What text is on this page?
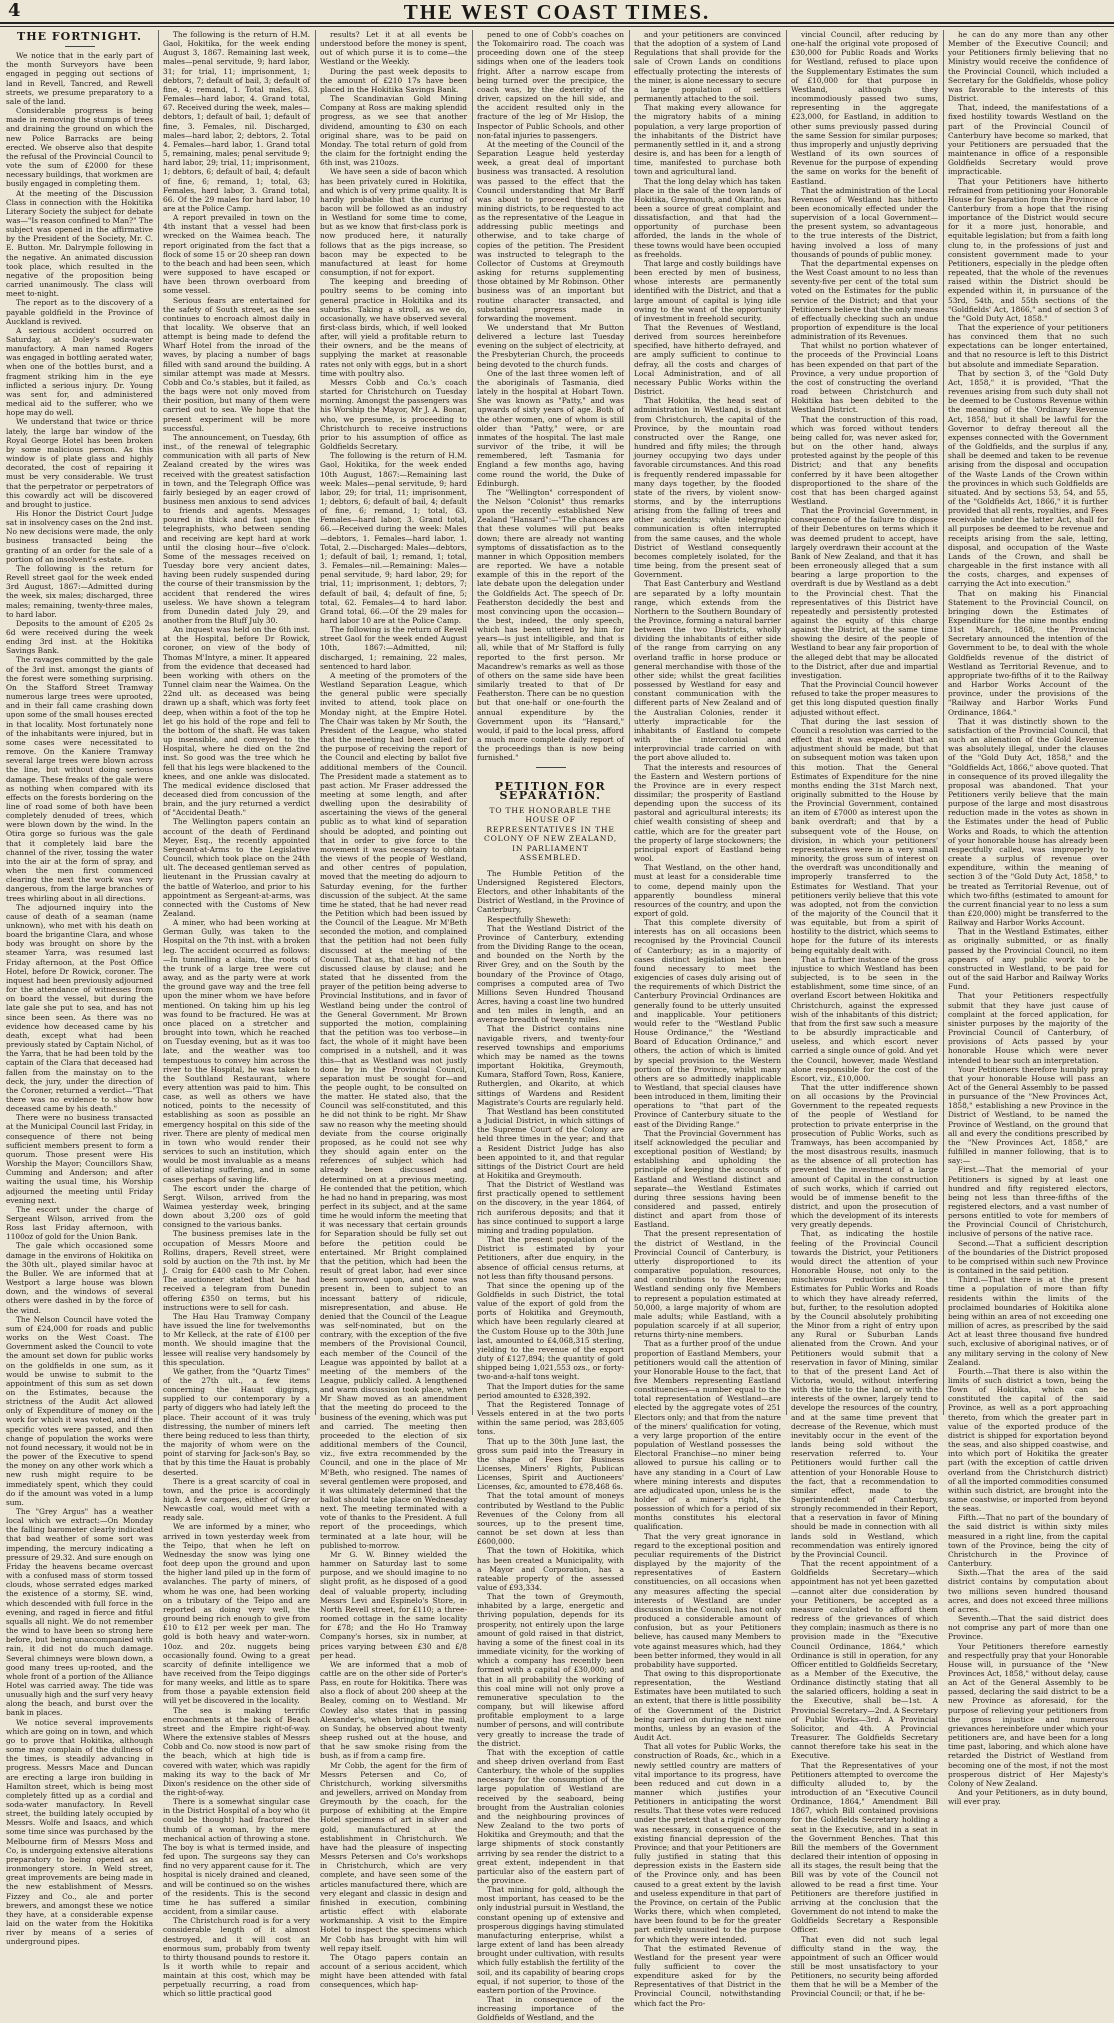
4	THE WEST COAST TIMES.
THE FORTNIGHT.

We notice that in the early part of the month Surveyors have been engaged in pegging out sections of land in Revell, Tancred, and Rewell streets, we presume preparatory to a sale of the land.

Considerable progress is being made in removing the stumps of trees and draining the ground on which the new Police Barracks are being erected. We observe also that despite the refusal of the Provincial Council to vote the sum of £2000 for these necessary buildings, that workmen are busily engaged in completing them.

At the meeting of the Discussion Class in connection with the Hokitika Literary Society the subject for debate was—"Is reason confined to Man?" The subject was opened in the affirmative by the President of the Society, Mr. C. E. Button. Mr. Dalrymple following in the negative. An animated discussion took place, which resulted in the negative of the proposition being carried unanimously. The class will meet to-night.

The report as to the discovery of a payable goldfield in the Province of Auckland is revived.

A serious accident occurred on Saturday, at Doley's soda-water manufactory. A man named Rogers was engaged in bottling aerated water, when one of the bottles burst, and a fragment striking him in the eye inflicted a serious injury. Dr. Young was sent for, and administered medical aid to the sufferer, who we hope may do well.

We understand that twice or thrice lately, the large bar window of the Royal George Hotel has been broken by some malicious person. As this window is of plate glass and highly decorated, the cost of repairing it must be very considerable. We trust that the perpetrator or perpetrators of this cowardly act will be discovered and brought to justice.

His Honor the District Court Judge sat in insolvency cases on the 2nd inst. No new decisions were made, the only business transacted being the granting of an order for the sale of a portion of an insolvent's estate.

The following is the return for Revell street gaol for the week ended 3rd August, 1867:—Admitted during the week, six males; discharged, three males; remaining, twenty-three males, to hard labor.

Deposits to the amount of £205 2s 6d were received during the week ending 3rd inst. at the Hokitika Savings Bank.

The ravages committed by the gale of the 3rd inst. amongst the giants of the forest were something surprising. On the Stafford Street Tramway numerous large trees were uprooted, and in their fall came crashing down upon some of the small houses erected in that locality. Most fortunately none of the inhabitants were injured, but in some cases were necessitated to remove. On the Kaniere Tramway several large trees were blown across the line, but without doing serious damage. These freaks of the gale were as nothing when compared with its effects on the forests bordering on the line of road some of both have been completely denuded of trees, which were blown down by the wind. In the Otira gorge so furious was the gale that it completely laid bare the channel of the river, tossing the water into the air at the form of spray, and when the men first commenced clearing the next the work was very dangerous, from the large branches of trees whirling about in all directions.

The adjourned inquiry into the cause of death of a seaman (name unknown), who met with his death on board the brigantine Clara, and whose body was brought on shore by the steamer Yarra, was resumed last Friday afternoon, at the Post Office Hotel, before Dr Rowick, coroner. The inquest had been previously adjourned for the attendance of witnesses from on board the vessel, but during the late gale she put to sea, and has not since been seen. As there was no evidence how deceased came by his death, except what had been previously stated by Captain Nichol, of the Yarra, that he had been told by the captain of the Clara that deceased had fallen from the mainstay on to the deck, the jury, under the direction of the Coroner, returned a verdict—"That there was no evidence to show how deceased came by his death."

There were no business transacted at the Municipal Council last Friday, in consequence of there not being sufficient members present to form a quorum. Those present were His Worship the Mayor; Councillors Shaw, Cumming and Anderson; and after waiting the usual time, his Worship adjourned the meeting until Friday evening next.

The escort under the charge of Sergeant Wilson, arrived from the Ross last Friday afternoon, with 1100oz of gold for the Union Bank.

The gale which occasioned some damage in the environs of Hokitika on the 30th ult., played similar havoc at the Buller. We are informed that at Westport a large house was blown down, and the windows of several others were dashed in by the force of the wind.

The Nelson Council have voted the sum of £24,000 for roads and public works on the West Coast. The Government asked the Council to vote the amount set down for public works on the goldfields in one sum, as it would be unwise to submit to the appointment of this sum as set down on the Estimates, because the strictness of the Audit Act allowed only of Expenditure of money on the work for which it was voted, and if the specific votes were passed, and then change of population the works were not found necessary, it would not be in the power of the Executive to spend the money on any other work which a new rush might require to be immediately spent, which they could do if the amount was voted in a lump sum.

The "Grey Argus" has a weather local which we extract:—On Monday the falling barometer clearly indicated that bad weather of some sort was impending, the mercury indicating a pressure of 29.32. And sure enough on Friday the heavens became overcast with a confused mass of storm tossed clouds, whose serrated edges marked the existence of a stormy, SE. wind, which descended with full force in the evening, and raged in fierce and fitful squalls all night. We do not remember the wind to have been so strong here before, but being unaccompanied with rain, it did not do much damage. Several chimneys were blown down, a good many trees up-rooted, and the whole front of a portion of the Alliance Hotel was carried away. The tide was unusually high and the surf very heavy along the beach, and burst over the bank in places.

We notice several improvements which are going on in town, and which go to prove that Hokitika, although some may complain of the dullness of the times, is steadily advancing in progress. Messrs Mace and Duncan are erecting a large iron building in Hamilton street, which is being most completely fitted up as a cordial and soda-water manufactory. In Revell street, the building lately occupied by Messrs. Wolfe and Isaacs, and which some time since was purchased by the Melbourne firm of Messrs Moss and Co, is undergoing extensive alterations preparatory to being opened as an ironmongery store. In Weld street, great improvements are being made in the new establishment of Messrs. Fizzey and Co., ale and porter brewers, and amongst these we notice they have, at a considerable expense laid on the water from the Hokitika river by means of a series of underground pipes.

The following is the return of H.M. Gaol, Hokitika, for the week ending August 3, 1867. Remaining last week, males—penal servitude, 9; hard labor, 31; for trial, 11; imprisonment, 1; debtors, 7; default of bail, 3; default of fine, 4; remand, 1. Total males, 63. Females—hard labor, 4. Grand total, 67. Received during the week, males—debtors, 1; default of bail, 1; default of fine, 3. Females, nil. Discharged, males—hard labor, 2; debtors, 2. Total 4. Females—hard labor, 1. Grand total 5, remaining, males; penal servitude 9; hard labor, 29; trial, 11; imprisonment, 1; debtors, 6; default of bail, 4; default of fine, 6; remand, 1; total, 63; Females, hard labor, 3. Grand total, 66. Of the 29 males for hard labor, 10 are at the Police Camp.

A report prevailed in town on the 4th instant that a vessel had been wrecked on the Waimea beach. The report originated from the fact that a flock of some 15 or 20 sheep ran down to the beach and had been seen, which were supposed to have escaped or have been thrown overboard from some vessel.

Serious fears are entertained for the safety of South street, as the sea continues to encroach almost daily in that locality. We observe that an attempt is being made to defend the Wharf Hotel from the inroad of the waves, by placing a number of bags filled with sand around the building. A similar attempt was made at Messrs. Cobb and Co.'s stables, but it failed, as the bags were not only moved from their position, but many of them were carried out to sea. We hope that the present experiment will be more successful.

The announcement, on Tuesday, 6th inst., of the renewal of telegraphic communication with all parts of New Zealand created by the wires was received with the greatest satisfaction in town, and the Telegraph Office was fairly besieged by an eager crowd of business men anxious to send advices to friends and agents. Messages poured in thick and fast upon the telegraphists, who between sending and receiving are kept hard at work until the closing hour—five o'clock. Some of the messages received on Tuesday bore very ancient dates, having been rudely suspended during the course of their transmission by the accident that rendered the wires useless. We have shown a telegram from Dunedin dated July 29, and another from the Bluff July 30.

An inquest was held on the 6th inst. at the Hospital, before Dr Rowick, coroner, on view of the body of Thomas M'Intyre, a miner. It appeared from the evidence that deceased had been working with others on the Tunnel claim near the Waimea. On the 22nd ult. as deceased was being drawn up a shaft, which was forty feet deep, when within a foot of the top he let go his hold of the rope and fell to the bottom of the shaft. He was taken up insensible, and conveyed to the Hospital, where he died on the 2nd inst. So good was the tree which he fell that his legs were blackened to the knees, and one ankle was dislocated. The medical evidence disclosed that deceased died from concussion of the brain, and the jury returned a verdict of "Accidental Death."

The Wellington papers contain an account of the death of Ferdinand Meyer, Esq., the recently appointed Sergeant-at-Arms to the Legislative Council, which took place on the 24th ult. The deceased gentleman served as lieutenant in the Prussian cavalry at the battle of Waterloo, and prior to his appointment as Sergeant-at-arms, was connected with the Customs of New Zealand.

A miner, who had been working at German Gully, was taken to the Hospital on the 7th inst. with a broken leg. The accident occurred as follows:—In tunnelling a claim, the roots of the trunk of a large tree were cut away, and as the party were at work the ground gave way and the tree fell upon the miner whom we have before mentioned. On taking him up his leg was found to be fractured. He was at once placed on a stretcher and brought into town, which he reached on Tuesday evening, but as it was too late, and the weather was too tempestuous to convey him across the river to the Hospital, he was taken to the Southland Restaurant, where every attention was paid to him. This case, as well as others we have noticed, points to the necessity of establishing as soon as possible an emergency hospital on this side of the river. There are plenty of medical men in town who would render their services to such an institution, which would be most invaluable as a means of alleviating suffering, and in some cases perhaps of saving life.

The escort under the charge of Sergt. Wilson, arrived from the Waimea yesterday week, bringing down about 3,200 ozs of gold consigned to the various banks.

The business premises late in the occupation of Messrs Moore and Rollins, drapers, Revell street, were sold by auction on the 7th inst. by Mr J. Craig for £400 cash to Mr Cohen. The auctioneer stated that he had received a telegram from Dunedin offering £350 on terms, but his instructions were to sell for cash.

The Hau Hau Tramway Company have issued the line for twelvemonths to Mr Kelleck, at the rate of £100 per month. We should imagine that the lessee will realise very handsomely by this speculation.

We gather, from the "Quartz Times" of the 27th ult., a few items concerning the Hauat diggings, supplied to our contemporary by a party of diggers who had lately left the place. Their account of it was truly distressing, the number of miners left there being reduced to less than thirty, the majority of whom were on the point of starving for Jack-son's Bay, so that by this time the Hauat is probably deserted.

There is a great scarcity of coal in town, and the price is accordingly high. A few cargoes, either of Grey or Newcastle coal, would meet with a ready sale.

We are informed by a miner, who arrived in town yesterday week from the Teipo, that when he left on Wednesday the snow was lying one foot deep upon the ground and upon the higher land piled up in the form of avalanches. The party of miners, of whom he was one, had been working on a tributary of the Teipo and are reported as doing very well, the ground being rich enough to give from £10 to £12 per week per man. The gold is both heavy and water-worn. 10oz. and 20z. nuggets being occasionally found. Owing to a great scarcity of definite intelligence we have received from the Teipo diggings for many weeks, and little as to spare from those a payable extension field will yet be discovered in the locality.

The sea is making terrific encroachments at the back of Beach street and the Empire right-of-way. Where the extensive stables of Messrs Cobb and Co. now stood is now part of the beach, which at high tide is covered with water, which was rapidly making its way to the back of Mr Dixon's residence on the other side of the right-of-way.

There is a somewhat singular case in the District Hospital of a boy who (it could be thought) had fractured the thumb of a woman, by the mere mechanical action of throwing a stone. The boy is what is termed inside, and fed upon. The surgeons say they can find no very apparent cause for it. The hospital is nicely drained and cleaned, and will be continued so on the wishes of the residents. This is the second time he has suffered a similar accident, from a similar cause.

The Christchurch road is for a very considerable length of it almost destroyed, and it will cost an enormous sum, probably from twenty to thirty thousand pounds to restore it. Is it worth while to repair and maintain at this cost, which may be perpetually recurring, a road from which so little practical good

results? Let it at all events be understood before the money is spent, out of which purse it is to come—the Westland or the Weekly.

During the past week deposits to the amount of £210 17s have been placed in the Hokitika Savings Bank.

The Scandinavian Gold Mining Company at Ross are making splendid progress, as we see that another dividend, amounting to £30 on each original share, was to be paid on Monday. The total return of gold from the claim for the fortnight ending the 6th inst, was 210ozs.

We have seen a side of bacon which has been privately cured in Hokitika, and which is of very prime quality. It is hardly probable that the curing of bacon will be followed as an industry in Westland for some time to come, but as we know that first-class pork is now produced here, it naturally follows that as the pigs increase, so bacon may be expected to be manufactured at least for home consumption, if not for export.

The keeping and breeding of poultry seems to be coming into general practice in Hokitika and its suburbs. Taking a stroll, as we do, occasionally, we have observed several first-class birds, which, if well looked after, will yield a profitable return to their owners, and be the means of supplying the market at reasonable rates not only with eggs, but in a short time with poultry also.

Messrs Cobb and Co.'s coach started for Christchurch on Tuesday morning. Amongst the passengers was his Worship the Mayor, Mr J. A. Bonar, who, we presume, is proceeding to Christchurch to receive instructions prior to his assumption of office as Goldfields Secretary.

The following is the return of H.M. Gaol, Hokitika, for the week ended 10th August, 1867:—Remaining last week: Males—penal servitude, 9; hard labor, 29; for trial, 11; imprisonment, 1; debtors, 6; default of bail, 4; default of fine, 6; remand, 1; total, 63. Females—hard labor, 3. Grand total, 66.—Received during the week: Males—debtors, 1. Females—hard labor, 1. Total, 2.—Discharged: Males—debtors, 1; default of bail, 1; remand, 1; total, 3. Females—nil.—Remaining: Males—penal servitude, 9; hard labor, 29; for trial, 11; imprisonment, 1; debtors, 7; default of bail, 4; default of fine, 5; total, 62. Females—4 to hard labor. Grand total, 66.—Of the 29 males for hard labor 10 are at the Police Camp.

The following is the return of Revell street Gaol for the week ended August 10th, 1867:—Admitted, nil; discharged, 1; remaining, 22 males, sentenced to hard labor.

A meeting of the promoters of the Westland Separation League, which the general public were specially invited to attend, took place on Monday night, at the Empire Hotel. The Chair was taken by Mr South, the President of the League, who stated that the meeting had been called for the purpose of receiving the report of the Council and electing by ballot five additional members of the Council. The President made a statement as to past action. Mr Fraser addressed the meeting at some length, and after dwelling upon the desirability of ascertaining the views of the general public as to what kind of separation should be adopted, and pointing out that in order to give force to the movement it was necessary to obtain the views of the people of Westland, and other centres of population, moved that the meeting do adjourn to Saturday evening, for the further discussion of the subject. At the same time he stated, that he had never read the Petition which had been issued by the Council of the League. Mr M'Beth seconded the motion, and complained that the petition had not been fully discussed at the meeting of the Council. That as, that it had not been discussed clause by clause; and he stated that he dissented from the prayer of the petition being adverse to Provincial Institutions, and in favor of Westland being under the control of the General Government. Mr Brown supported the motion, complaining that the petition was too verbose—in fact, the whole of it might have been comprised in a nutshell, and it was this—that as Westland was not justly done by in the Provincial Council, separation must be sought for—and the people ought, to be consulted on the matter. He stated also, that the Council was self-constituted, and this he did not think to be right. Mr Shaw saw no reason why the meeting should deviate from the course originally proposed, as he could not see why they should again enter on the references of subject which had already been discussed and determined on at a previous meeting. He contended that the petition, which he had no hand in preparing, was most perfect in its subject, and at the same time he would inform the meeting that it was necessary that certain grounds for Separation should be fully set out before the petition could be entertained. Mr Bright complained that the petition, which had been the result of great labor, had ever since been sorrowed upon, and none was present in, been to subject to an incessant battery of ridicule, misrepresentation, and abuse. He denied that the Council of the League was self-nominated, but on the contrary, with the exception of the five members of the Provisional Council, each member of the Council of the League was appointed by ballot at a meeting of the members of the League, publicly called. A lengthened and warm discussion took place, when Mr Shaw moved as an amendment that the meeting do proceed to the business of the evening, which was put and carried. The meeting then proceeded to the election of six additional members of the Council, viz., five extra recommended by the Council, and one in the place of Mr M'Beth, who resigned. The names of several gentlemen were proposed, and it was ultimately determined that the ballot should take place on Wednesday next. The meeting terminated with a vote of thanks to the President. A full report of the proceedings, which terminated at a late hour, will be published to-morrow.

Mr G. W. Binney wielded the hammer on Saturday last to some purpose, and we should imagine to no slight profit, as he disposed of a good deal of valuable property, including Messrs Levi and Espinelo's Store, in North Revell street, for £110; a three-roomed cottage in the same locality for £78; and the Ho Ho Tramway Company's horses, six in number, at prices varying between £30 and £/8 per head.

We are informed that a mob of cattle are on the other side of Porter's Pass, en route for Hokitika. There was also a flock of about 200 sheep at the Bealey, coming on to Westland. Mr Cowley also states that in passing Alexander's, when bringing the mail, on Sunday, he observed about twenty sheep rushed out at the house, and that he saw smoke rising from the bush, as if from a camp fire.

Mr Cobb, the agent for the firm of Messrs Petersen and Co, of Christchurch, working silversmiths and jewellers, arrived on Monday from Greymouth by the coach, for the purpose of exhibiting at the Empire Hotel specimens of art in silver and gold, manufactured at the establishment in Christchurch. We have had the pleasure of inspecting Messrs Petersen and Co's workshops in Christchurch, which are very complete, and have seen some of the articles manufactured there, which are very elegant and classic in design and finished in execution, combining artistic effect with elaborate workmanship. A visit to the Empire Hotel to inspect the specimens which Mr Cobb has brought with him will well repay itself.

The Otago papers contain an account of a serious accident, which might have been attended with fatal consequences, which hap-

pened to one of Cobb's coaches on the Tokomairiro road. The coach was proceeding down one of the steep sidings when one of the leaders took fright. After a narrow escape from being turned over the precipice, the coach was, by the dexterity of the driver, capsized on the hill side, and the accident resulted only in the fracture of the leg of Mr Hislop, the Inspector of Public Schools, and other non-fatal injuries to passengers.

At the meeting of the Council of the Separation League held yesterday week, a great deal of important business was transacted. A resolution was passed to the effect that the Council understanding that Mr Barff was about to proceed through the mining districts, to be requested to act as the representative of the League in addressing public meetings and otherwise, and to take charge of copies of the petition. The President was instructed to telegraph to the Collector of Customs at Greymouth asking for returns supplementing those obtained by Mr Robinson. Other business was of an important but routine character transacted, and substantial progress made in forwarding the movement.

We understand that Mr Button delivered a lecture last Tuesday evening on the subject of electricity, at the Presbyterian Church, the proceeds being devoted to the church funds.

One of the last three women left of the aboriginals of Tasmania, died lately in the hospital at Hobart Town. She was known as "Patty," and was upwards of sixty years of age. Both of the other women, one of whom is still older than "Patty," were, or are inmates of the hospital. The last male survivor of the tribe, it will be remembered, left Tasmania for England a few months ago, having come round the world, the Duke of Edinburgh.

The "Wellington" correspondent of the Nelson "Colonist" thus remarks upon the recently established New Zealand "Hansard":—"The chances are that these volumes will put beaks down; there are already not wanting symptoms of dissatisfaction as to the manner in which Opposition members are reported. We have a notable example of this in the report of the late debate upon the delegation under the Goldfields Act. The speech of Dr. Featherston decidedly the best and most convincing upon the occasion—the best, indeed, the only speech, which has been uttered by him for years—is just intelligible, and that is all, while that of Mr Stafford is fully reported to the first person. Mr Macandrew's remarks as well as those of others on the same side have been similarly treated to that of Dr Featherston. There can be no question but that one-half or one-fourth the annual expenditure by the Government upon its "Hansard," would, if paid to the local press, afford a much more complete daily report of the proceedings than is now being furnished."

PETITION FOR SEPARATION.
TO THE HONORABLE THE HOUSE OF REPRESENTATIVES IN THE COLONY OF NEW ZEALAND, IN PARLIAMENT ASSEMBLED.

The Humble Petition of the Undersigned Registered Electors, Electors, and other Inhabitants of the District of Westland, in the Province of Canterbury,

Respectfully Sheweth:

That the Westland District of the Province of Canterbury, extending from the Dividing Range to the ocean, and bounded on the North by the River Grey, and on the South by the boundary of the Province of Otago, comprises a computed area of Two Millions Seven Hundred Thousand Acres, having a coast line two hundred and ten miles in length, and an average breadth of twenty miles.

That the District contains nine navigable rivers, and twenty-four reserved townships and emporiums which may be named as the towns important Hokitika, Greymouth, Kumara, Stafford Town, Ross, Kaniere, Rutherglen, and Okarito, at which sittings of Wardens and Resident Magistrate's Courts are regularly held.

That Westland has been constituted a Judicial District, in which sittings of the Supreme Court of the Colony are held three times in the year; and that a Resident District Judge has also been appointed to it, and that regular sittings of the District Court are held at Hokitika and Greymouth.

That the District of Westland was first practically opened to settlement on the discovery, in the year 1864, of rich auriferous deposits; and that it has since continued to support a large mining and trading population.

That the present population of the District is estimated by your Petitioners, after due enquiry, in the absence of official census returns, at not less than fifty thousand persons.

That since the opening up of the Goldfields in such District, the total value of the export of gold from the ports of Hokitika and Greymouth, which have been regularly cleared at the Custom House up to the 30th June last, amounted to £4,068,315 sterling, yielding to the revenue of the export duty of £127,894; the quantity of gold shipped being 1,021,553 ozs., or forty-two-and-a-half tons weight.

That the Import duties for the same period amounted to £328,392.

That the Registered Tonnage of Vessels entered in at the two ports within the same period, was 283,605 tons.

That up to the 30th June last, the gross sum paid into the Treasury in the shape of Fees for Business Licenses, Miners' Rights, Publican Licenses, Spirit and Auctioneers' Licenses, &c, amounted to £78,468 6s.

That the total amount of moneys contributed by Westland to the Public Revenues of the Colony from all sources, up to the present time, cannot be set down at less than £600,000.

That the town of Hokitika, which has been created a Municipality, with a Mayor and Corporation, has a rateable property of the assessed value of £93,334.

That the town of Greymouth, inhabited by a large, energetic and thriving population, depends for its prosperity, not entirely upon the large amount of gold raised in that district, having a some of the finest coal in its immediate vicinity, for the working of which a company has recently been formed with a capital of £30,000; and that in all probability the working of this coal mine will not only prove a remunerative speculation to the company, but will likewise afford profitable employment to a large number of persons, and will contribute very greatly to increase the trade of the district.

That with the exception of cattle and sheep driven overland from East Canterbury, the whole of the supplies necessary for the consumption of the large population of Westland are received by the seaboard, being brought from the Australian colonies and the neighbouring provinces of New Zealand to the two ports of Hokitika and Greymouth; and that the large shipments of stock constantly arriving by sea render the district to a great extent, independent in that particular also of the eastern part of the province.

That mining for gold, although the most important, has ceased to be the only industrial pursuit in Westland, the constant opening up of extensive and prosperous diggings having stimulated manufacturing enterprise, whilst a large extent of land has been already brought under cultivation, with results which fully establish the fertility of the soil, and its capability of bearing crops equal, if not superior, to those of the eastern portion of the Province.

That in consequence of the increasing importance of the Goldfields of Westland, and the

and your petitioners are convinced that the adoption of a system of Land Regulations that shall provide for the sale of Crown Lands on conditions effectually protecting the interests of the miner, is alone necessary to secure a large population of settlers permanently attached to the soil.

That making every allowance for the migratory habits of a mining population, a very large proportion of the inhabitants of the District have permanently settled in it, and a strong desire is, and has been for a length of time, manifested to purchase both town and agricultural land.

That the long delay which has taken place in the sale of the town lands of Hokitika, Greymouth, and Okarito, has been a source of great complaint and dissatisfaction, and that had the opportunity of purchase been afforded, the lands in the whole of these towns would have been occupied as freeholds.

That large and costly buildings have been erected by men of business, whose interests are permanently identified with the District, and that a large amount of capital is lying idle owing to the want of the opportunity of investment in freehold security.

That the Revenues of Westland, derived from sources hereinbefore specified, have hitherto defrayed, and are amply sufficient to continue to defray, all the costs and charges of Local Administration, and of all necessary Public Works within the District.

That Hokitika, the head seat of administration in Westland, is distant from Christchurch, the capital of the Province, by the mountain road constructed over the Range, one hundred and fifty miles; the through journey occupying two days under favorable circumstances. And this road is frequently rendered impassable for many days together, by the flooded state of the rivers, by violent snow-storms, and by the interruptions arising from the falling of trees and other accidents; while telegraphic communication is often interrupted from the same causes, and the whole District of Westland consequently becomes completely isolated, for the time being, from the present seat of Government.

That East Canterbury and Westland are separated by a lofty mountain range, which extends from the Northern to the Southern Boundary of the Province, forming a natural barrier between the two Districts, wholly dividing the inhabitants of either side of the range from carrying on any overland traffic in horse produce or general merchandise with those of the other side; whilst the great facilities possessed by Westland for easy and constant communication with the different parts of New Zealand and of the Australian Colonies, render it utterly impracticable for the inhabitants of Eastland to compete with the intercolonial and interprovincial trade carried on with the port above alluded to.

That the interests and resources of the Eastern and Western portions of the Province are in every respect dissimilar; the prosperity of Eastland depending upon the success of its pastoral and agricultural interests; its chief wealth consisting of sheep and cattle, which are for the greater part the property of large stockowners; the principal export of Eastland being wool.

That Westland, on the other hand, must at least for a considerable time to come, depend mainly upon the apparently boundless mineral resources of the country, and upon the export of gold.

That this complete diversity of interests has on all occasions been recognised by the Provincial Council of Canterbury; as in a majority of cases distinct legislation has been found necessary to meet the exigencies of cases duly arising out of the requirements of which District the Canterbury Provincial Ordinances are generally found to be utterly unsuited and inapplicable. Your petitioners would refer to the "Westland Public House Ordinance," the "Westland Board of Education Ordinance," and others, the action of which is limited by special provision to the Western portion of the Province, whilst many others are so admittedly inapplicable to Westland, that special clauses have been introduced in them, limiting their operations to "that part of the Province of Canterbury situate to the east of the Dividing Range."

That the Provincial Government has itself acknowledged the peculiar and exceptional position of Westland; by establishing and upholding the principle of keeping the accounts of Eastland and Westland distinct and separate—the Westland Estimates during three sessions having been considered and passed, entirely distinct and apart from those of Eastland.

That the present representation of the district of Westland, in the Provincial Council of Canterbury, is utterly disproportioned to its comparative population, resources, and contributions to the Revenue; Westland sending only five Members to represent a population estimated at 50,000, a large majority of whom are male adults; while Eastland, with a population scarcely if at all superior, returns thirty-nine members.

That as a further proof of the undue proportion of Eastland Members, your petitioners would call the attention of your Honorable House to the fact, that five Members representing Eastland constituencies—a number equal to the total representation of Westland—are elected by the aggregate votes of 251 Electors only; and that from the nature of the miners' qualification for voting, a very large proportion of the entire population of Westland possesses the Electoral Franchise—no miner being allowed to pursue his calling or to have any standing in a Court of Law where mining interests and disputes are adjudicated upon, unless he is the holder of a miner's right, the possession of which for a period of six months constitutes his electoral qualification.

That the very great ignorance in regard to the exceptional position and peculiar requirements of the District displayed by the majority of the representatives of Eastern constituencies, on all occasions when any measures affecting the special interests of Westland are under discussion in the Council, has not only produced a considerable amount of confusion, but as your Petitioners believe, has caused many Members to vote against measures which, had they been better informed, they would in all probability have supported.

That owing to this disproportionate representation, the Westland Estimates have been mutilated to such an extent, that there is little possibility of the Government of the District being carried on during the next nine months, unless by an evasion of the Audit Act.

That all votes for Public Works, the construction of Roads, &c., which in a newly settled country are matters of vital importance to its progress, have been reduced and cut down in a manner which justifies your Petitioners in anticipating the worst results. That these votes were reduced under the pretext that a rigid economy was necessary, in consequence of the existing financial depression of the Province; and that your Petitioners are fully justified in stating that this depression exists in the Eastern side of the Province only, and has been caused to a great extent by the lavish and useless expenditure in that part of the Province, on certain of the Public Works there, which when completed, have been found to be for the greater part entirely unsuited to the purpose for which they were intended.

That the estimated Revenue of Westland for the present year were fully sufficient to cover the expenditure asked for by the Representatives of that District in the Provincial Council, notwithstanding which fact the Pro-

vincial Council, after reducing by one-half the original vote proposed of £30,000 for Public Roads and Works for Westland, refused to place upon the Supplementary Estimates the sum of £10,000 for that purpose in Westland, although they incommodiously passed two sums, representing in the aggregate £23,000, for Eastland, in addition to other sums previously passed during the same Session for similar purposes; thus improperly and unjustly depriving Westland of its own sources of Revenue for the purpose of expending the same on works for the benefit of Eastland.

That the administration of the Local Revenues of Westland has hitherto been economically effected under the supervision of a local Government—the present system, so advantageous to the true interests of the District, having involved a loss of many thousands of pounds of public money.

That the departmental expenses on the West Coast amount to no less than seventy-five per cent of the total sum voted on the Estimates for the public service of the District; and that your Petitioners believe that the only means of effectually checking such an undue proportion of expenditure is the local administration of its Revenues.

That whilst no portion whatever of the proceeds of the Provincial Loans has been expended on that part of the Province, a very undue proportion of the cost of constructing the overland road between Christchurch and Hokitika has been debited to the Westland District.

That the construction of this road, which was forced without tenders being called for, was never asked for, but on the other hand, always protested against by the people of this District; and that any benefits conferred by it have been altogether disproportioned to the share of the cost that has been charged against Westland.

That the Provincial Government, in consequence of the failure to dispose of their Debentures on terms which it was deemed prudent to accept, have largely overdrawn their account at the Bank of New Zealand, and that it has been erroneously alleged that a sum bearing a large proportion to the overdraft is due by Westland as a debt to the Provincial chest. That the representatives of this District have repeatedly and persistently protested against the equity of this charge against the District, at the same time showing the desire of the people of Westland to bear any fair proportion of the alleged debt that may be allocated to the District, after due and impartial investigation.

That the Provincial Council however refused to take the proper measures to get this long disputed question finally adjusted without effect.

That during the last session of Council a resolution was carried to the effect that it was expedient that an adjustment should be made, but that on subsequent motion was taken upon this motion. That the General Estimates of Expenditure for the nine months ending the 31st March next, originally submitted to the House by the Provincial Government, contained an item of £7000 as interest upon the bank overdraft; and that by a subsequent vote of the House, on division, in which your petitioners' representatives were in a very small minority, the gross sum of interest on the overdraft was unconditionally and improperly transferred to the Estimates for Westland. That your petitioners verily believe that this vote was adopted, not from the conviction of the majority of the Council that it was equitable, but from a spirit of hostility to the district, which seems to hope for the future of its interests being equitably dealt with.

That a further instance of the gross injustice to which Westland has been subjected, is to be seen in the establishment, some time since, of an overland Escort between Hokitika and Christchurch, against the expressed wish of the inhabitants of this district; that from the first saw such a measure to be absurdly impracticable and useless, and which escort never carried a single ounce of gold. And yet the Council, however, made Westland alone responsible for the cost of the Escort, viz., £10,000.

That the utter indifference shown on all occasions by the Provincial Government to the repeated requests of the people of Westland for protection to private enterprise in the prosecution of Public Works, such as Tramways, has been accompanied by the most disastrous results, inasmuch as the absence of all protection has prevented the investment of a large amount of Capital in the construction of such works, which if carried out would be of immense benefit to the district, and upon the prosecution of which the development of its interests very greatly depends.

That, as indicating the hostile feeling of the Provincial Council towards the District, your Petitioners would direct the attention of your Honorable House, not only to the mischievous reduction in the Estimates for Public Works and Roads to which they have already referred, but, further, to the resolution adopted by the Council absolutely prohibiting the Minor from a right of entry upon any Rural or Suburban Lands alienated from the Crown. And your Petitioners would submit that a reservation in favor of Mining, similar to that of the present Land Act of Victoria, would, without interfering with the title to the land, or with the interests of the owner, largely tend to develope the resources of the country, and at the same time prevent that decrease of the Revenue, which must inevitably occur in the event of the lands being sold without the reservation referred to. Your Petitioners would further call the attention of your Honorable House to the fact, that a recommendation to similar effect, made to the Superintendent of Canterbury, strongly recommended in their Report, that a reservation in favor of Mining should be made in connection with all lands sold in Westland, which recommendation was entirely ignored by the Provincial Council.

That the recent appointment of a Goldfields Secretary—which appointment has not yet been gazetted—cannot alter due consideration by your Petitioners, be accepted as a measure calculated to afford them redress of the grievances of which they complain; inasmuch as there is no provision made in the "Executive Council Ordinance, 1864," which Ordinance is still in operation, for any Officer entitled to Goldfields Secretary, as a Member of the Executive, the Ordinance distinctly stating that all the salaried officers, holding a seat in the Executive, shall be—1st. A Provincial Secretary—2nd. A Secretary of Public Works—3rd. A Provincial Solicitor, and 4th. A Provincial Treasurer. The Goldfields Secretary cannot therefore take his seat in the Executive.

That the Representatives of your Petitioners attempted to overcome the difficulty alluded to, by the introduction of an "Executive Council Ordinance, 1864," Amendment Bill 1867, which Bill contained provisions for the Goldfields Secretary holding a seat in the Executive, and in a seat in the Government Benches. That this Bill the members of the Government declared their intention of opposing in all its stages, the result being that the Bill was by vote of the Council not allowed to be read a first time. Your Petitioners are therefore justified in arriving at the conclusion that the Government do not intend to make the Goldfields Secretary a Responsible Officer.

That even did not such legal difficulty stand in the way, the appointment of such an Officer would still be most unsatisfactory to your Petitioners, no security being afforded them that he will be a Member of the Provincial Council; or that, if he be-

he can do any more than any other Member of the Executive Council; and your Petitioners firmly believing that no Ministry would receive the confidence of the Provincial Council, which included a Secretary for the Goldfields, whose policy was favorable to the interests of this District.

That, indeed, the manifestations of a fixed hostility towards Westland on the part of the Provincial Council of Canterbury have become so marked, that your Petitioners are persuaded that the maintenance in office of a responsible Goldfields Secretary would prove impracticable.

That your Petitioners have hitherto refrained from petitioning your Honorable House for Separation from the Province of Canterbury from a hope that the rising importance of the District would secure for it a more just, honorable, and equitable legislation; but from a faith long clung to, in the professions of just and consistent government made to your Petitioners, especially in the pledge often repeated, that the whole of the revenues raised within the District should be expended within it, in pursuance of the 53rd, 54th, and 55th sections of the "Goldfields' Act, 1866," and of section 3 of the "Gold Duty Act, 1858."

That the experience of your petitioners has convinced them that no such expectations can be longer entertained, and that no resource is left to this District but absolute and immediate Separation.

That by section 3, of the "Gold Duty Act, 1858," it is provided, "That the revenues arising from such duty shall not be deemed to be Customs Revenue within the meaning of the 'Ordinary Revenue Act, 1858,' but it shall be lawful for the Governor to defray thereout all the expenses connected with the Government of the Goldfields, and the surplus if any, shall be deemed and taken to be revenue arising from the disposal and occupation of the Waste Lands of the Crown within the provinces in which such Goldfields are situated. And by sections 53, 54, and 55, of the "Goldfields Act, 1866," it is further provided that all rents, royalties, and Fees receivable under the latter Act, shall for all purposes be deemed to be revenue and receipts arising from the sale, letting, disposal, and occupation of the Waste Lands of the Crown, and shall be chargeable in the first instance with all the costs, charges, and expenses of carrying the Act into execution."

That on making his Financial Statement to the Provincial Council, on bringing down the Estimates of Expenditure for the nine months ending 31st March, 1868, the Provincial Secretary announced the intention of the Government to be, to deal with the whole Goldfields revenue of the district of Westland as Territorial Revenue, and to appropriate two-fifths of it to the Railway and Harbor Works Account of the province, under the provisions of the "Railway and Harbor Works Fund Ordinance, 1864."

That it was distinctly shown to the satisfaction of the Provincial Council, that such an alienation of the Gold Revenue was absolutely illegal, under the clauses of the "Gold Duty Act, 1858," and the "Goldfields Act, 1866," above quoted. That in consequence of its proved illegality the proposal was abandoned. That your Petitioners verily believe that the main purpose of the large and most disastrous reduction made in the votes as shown in the Estimates under the head of Public Works and Roads, to which the attention of your honorable house has already been respectfully called, was improperly to create a surplus of revenue over expenditure, within the meaning of section 3 of the "Gold Duty Act, 1858," to be treated as Territorial Revenue, out of which two-fifths (estimated to amount for the current financial year to no less a sum than £20,000) might be transferred to the Railway and Harbor Works Account.

That in the Westland Estimates, either as originally submitted, or as finally passed by the Provincial Council, no item appears of any public work to be constructed in Westland, to be paid for out of the said Harbor and Railway Works Fund.

That your Petitioners respectfully submit that they have just cause of complaint at the forced application, for sinister purposes by the majority of the Provincial Council of Canterbury, of provisions of Acts passed by your honorable House which were never intended to bear such an interpretation.

Your Petitioners therefore humbly pray that your honorable House will pass an Act of the General Assembly to be passed in pursuance of the "New Provinces Act, 1858," establishing a new Province in the District of Westland, to be named the Province of Westland, on the ground that all and every the conditions prescribed by the "New Provinces Act, 1858," are fulfilled in manner following, that is to say:—

First.—That the memorial of your Petitioners is signed by at least one hundred and fifty registered electors, being not less than three-fifths of the registered electors, and a vast number of persons entitled to vote for members of the Provincial Council of Christchurch, inclusive of persons of the native race.

Second.—That a sufficient description of the boundaries of the District proposed to be comprised within such new Province is contained in the said petition.

Third.—That there is at the present time a population of more than fifty residents within the limits of the proclaimed boundaries of Hokitika alone being within an area of not exceeding one million of acres, as prescribed by the said Act at least three thousand five hundred such, exclusive of aboriginal natives, or of any military serving in the colony of New Zealand.

Fourth.—That there is also within the limits of such district a town, being the Town of Hokitika, which can be constituted the capital of the said Province, as well as a port approaching thereto, from which the greater part in value of the exported produce of the district is shipped for exportation beyond the seas, and also shipped coastwise, and into which port of Hokitika the greater part (with the exception of cattle driven overland from the Christchurch district) of all the imported commodities consumed within such district, are brought into the same coastwise, or imported from beyond the seas.

Fifth.—That no part of the boundary of the said district is within sixty miles measured in a right line, from the capital town of the Province, being the city of Christchurch in the Province of Canterbury.

Sixth.—That the area of the said district contains by computation about two millions seven hundred thousand acres, and does not exceed three millions of acres.

Seventh.—That the said district does not comprise any part of more than one Province.

Your Petitioners therefore earnestly and respectfully pray that your Honorable House will, in pursuance of the "New Provinces Act, 1858," without delay, cause an Act of the General Assembly to be passed, declaring the said district to be a new Province as aforesaid, for the purpose of relieving your petitioners from the gross injustice and numerous grievances hereinbefore under which your petitioners are, and have been for a long time past, laboring, and which alone have retarded the District of Westland from becoming one of the most, if not the most prosperous district of Her Majesty's Colony of New Zealand.

And your Petitioners, as in duty bound, will ever pray.
